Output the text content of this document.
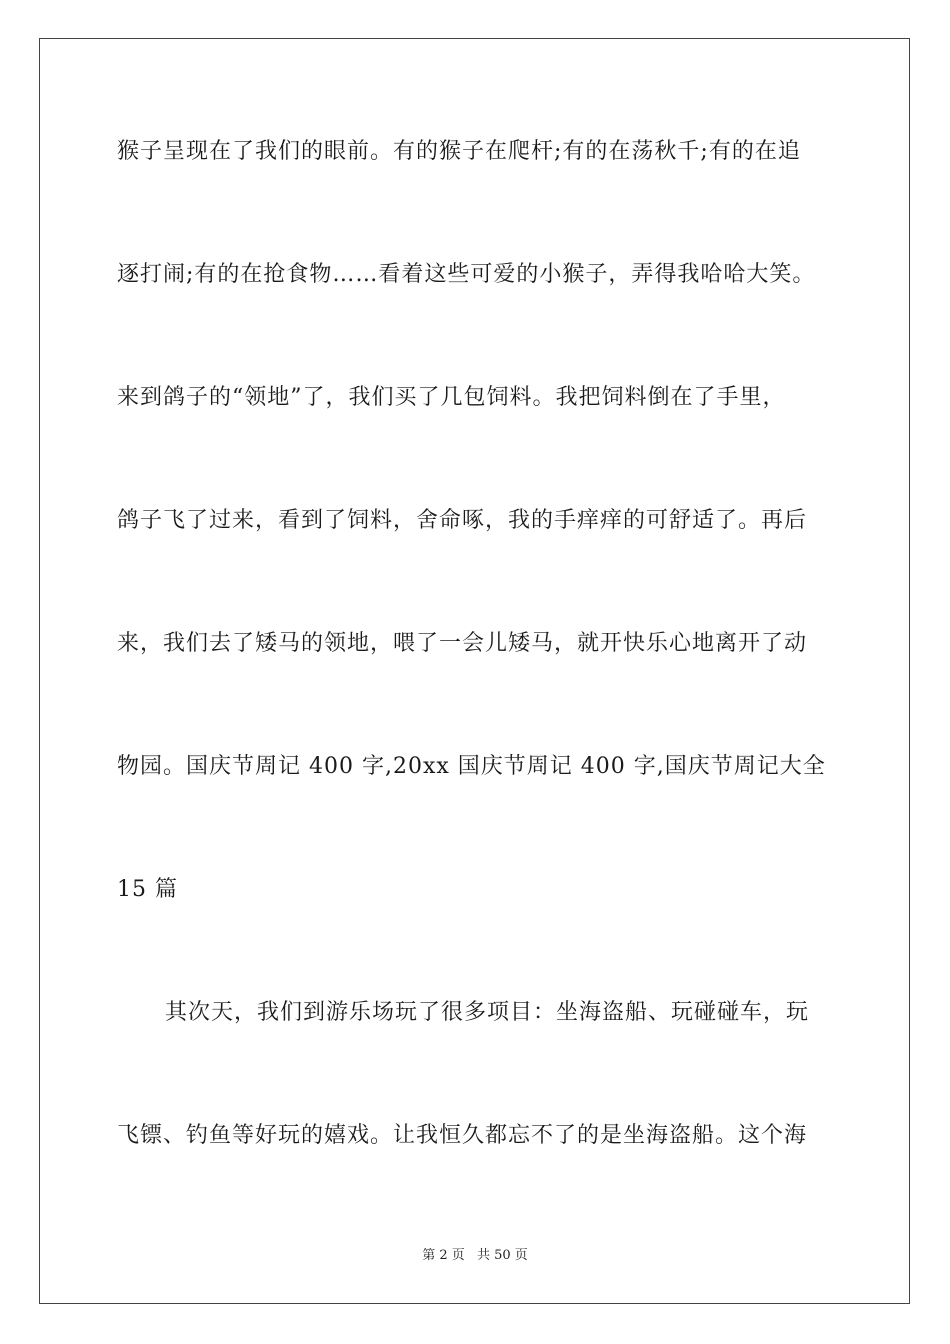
猴子呈现在了我们的眼前。有的猴子在爬杆;有的在荡秋千;有的在追
逐打闹;有的在抢食物……看着这些可爱的小猴子，弄得我哈哈大笑。
来到鸽子的“领地”了，我们买了几包饲料。我把饲料倒在了手里，
鸽子飞了过来，看到了饲料，舍命啄，我的手痒痒的可舒适了。再后
来，我们去了矮马的领地，喂了一会儿矮马，就开快乐心地离开了动
物园。国庆节周记 400 字,20xx 国庆节周记 400 字,国庆节周记大全
15 篇
其次天，我们到游乐场玩了很多项目：坐海盗船、玩碰碰车，玩
飞镖、钓鱼等好玩的嬉戏。让我恒久都忘不了的是坐海盗船。这个海
第 2 页 共 50 页
